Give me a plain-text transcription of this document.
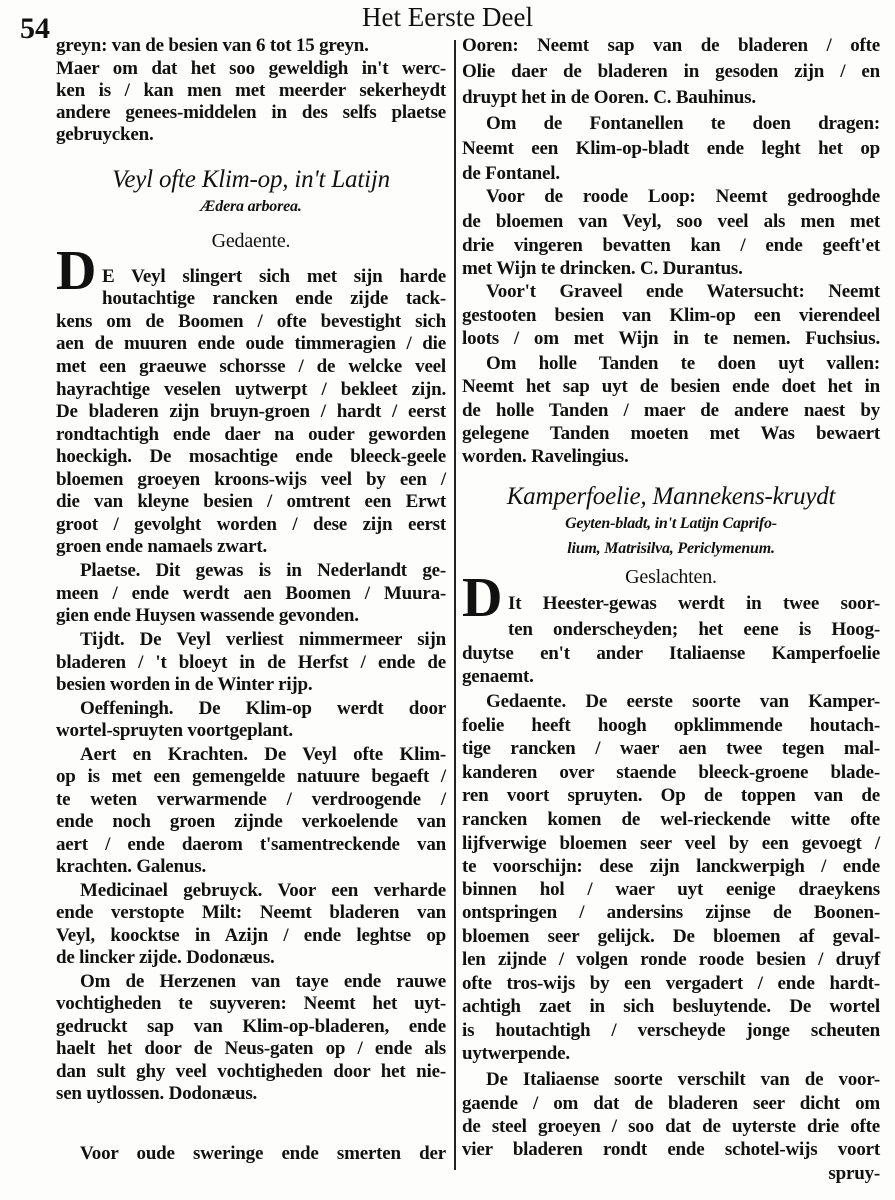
54	Het Eerste Deel
greyn: van de besien van 6 tot 15 greyn.
Maer om dat het soo geweldigh in't werc-
ken is / kan men met meerder sekerheydt
andere genees-middelen in des selfs plaetse
gebruycken.
Veyl ofte Klim-op, in't Latijn
Ædera arborea.
Gedaente.
E Veyl slingert sich met sijn harde
D houtachtige rancken ende zijde tack-
kens om de Boomen / ofte bevestight sich
aen de muuren ende oude timmeragien / die
met een graeuwe schorsse / de welcke veel
hayrachtige veselen uytwerpt / bekleet zijn.
De bladeren zijn bruyn-groen / hardt / eerst
rondtachtigh ende daer na ouder geworden
hoeckigh. De mosachtige ende bleeck-geele
bloemen groeyen kroons-wijs veel by een /
die van kleyne besien / omtrent een Erwt
groot / gevolght worden / dese zijn eerst
groen ende namaels zwart.
Plaetse. Dit gewas is in Nederlandt ge-
meen / ende werdt aen Boomen / Muura-
gien ende Huysen wassende gevonden.
Tijdt. De Veyl verliest nimmermeer sijn
bladeren / 't bloeyt in de Herfst / ende de
besien worden in de Winter rijp.
Oeffeningh. De Klim-op werdt door
wortel-spruyten voortgeplant.
Aert en Krachten. De Veyl ofte Klim-
op is met een gemengelde natuure begaeft /
te weten verwarmende / verdroogende /
ende noch groen zijnde verkoelende van
aert / ende daerom t'samentreckende van
krachten. Galenus.
Medicinael gebruyck. Voor een verharde
ende verstopte Milt: Neemt bladeren van
Veyl, koocktse in Azijn / ende leghtse op
de lincker zijde. Dodonæus.
Om de Herzenen van taye ende rauwe
vochtigheden te suyveren: Neemt het uyt-
gedruckt sap van Klim-op-bladeren, ende
haelt het door de Neus-gaten op / ende als
dan sult ghy veel vochtigheden door het nie-
sen uytlossen. Dodonæus.
Voor oude sweringe ende smerten der
Ooren: Neemt sap van de bladeren / ofte
Olie daer de bladeren in gesoden zijn / en
druypt het in de Ooren. C. Bauhinus.
Om de Fontanellen te doen dragen:
Neemt een Klim-op-bladt ende leght het op
de Fontanel.
Voor de roode Loop: Neemt gedrooghde
de bloemen van Veyl, soo veel als men met
drie vingeren bevatten kan / ende geeft'et
met Wijn te drincken. C. Durantus.
Voor't Graveel ende Watersucht: Neemt
gestooten besien van Klim-op een vierendeel
loots / om met Wijn in te nemen. Fuchsius.
Om holle Tanden te doen uyt vallen:
Neemt het sap uyt de besien ende doet het in
de holle Tanden / maer de andere naest by
gelegene Tanden moeten met Was bewaert
worden. Ravelingius.
Kamperfoelie, Mannekens-kruydt
Geyten-bladt, in't Latijn Caprifo-
lium, Matrisilva, Periclymenum.
Geslachten.
It Heester-gewas werdt in twee soor-
D
ten onderscheyden; het eene is Hoog-
duytse en't ander Italiaense Kamperfoelie
genaemt.
Gedaente. De eerste soorte van Kamper-
foelie heeft hoogh opklimmende houtach-
tige rancken / waer aen twee tegen mal-
kanderen over staende bleeck-groene blade-
ren voort spruyten. Op de toppen van de
rancken komen de wel-rieckende witte ofte
lijfverwige bloemen seer veel by een gevoegt /
te voorschijn: dese zijn lanckwerpigh / ende
binnen hol / waer uyt eenige draeykens
ontspringen / andersins zijnse de Boonen-
bloemen seer gelijck. De bloemen af geval-
len zijnde / volgen ronde roode besien / druyf
ofte tros-wijs by een vergadert / ende hardt-
achtigh zaet in sich besluytende. De wortel
is houtachtigh / verscheyde jonge scheuten
uytwerpende.
De Italiaense soorte verschilt van de voor-
gaende / om dat de bladeren seer dicht om
de steel groeyen / soo dat de uyterste drie ofte
vier bladeren rondt ende schotel-wijs voort
spruy-
